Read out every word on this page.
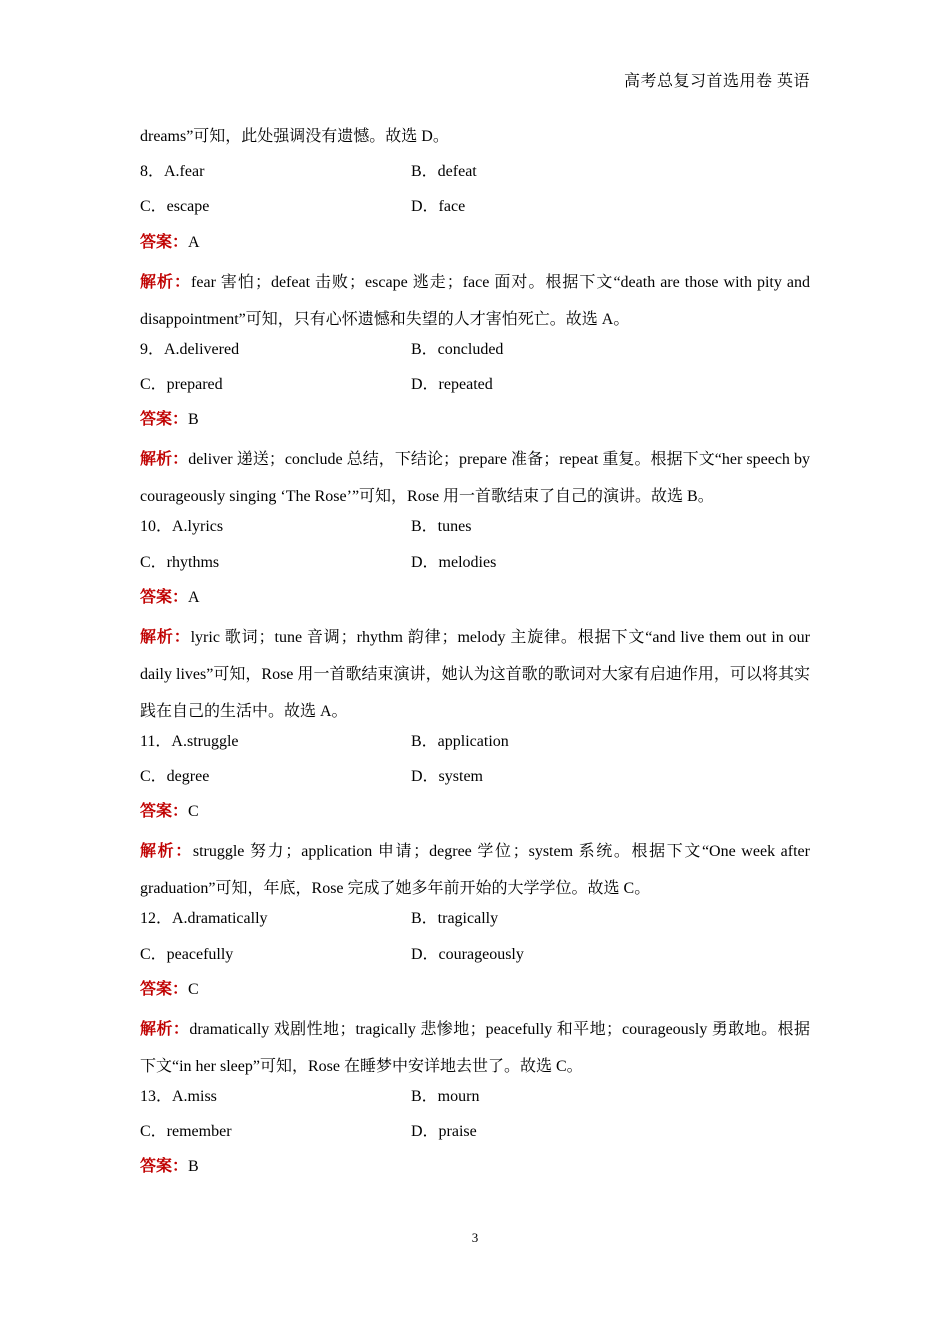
高考总复习首选用卷 英语
dreams”可知，此处强调没有遗憾。故选 D。
8．A.fear	B．defeat
C．escape	D．face
答案：A
解析：fear 害怕；defeat 击败；escape 逃走；face 面对。根据下文“death are those with pity and disappointment”可知，只有心怀遗憾和失望的人才害怕死亡。故选 A。
9．A.delivered	B．concluded
C．prepared	D．repeated
答案：B
解析：deliver 递送；conclude 总结，下结论；prepare 准备；repeat 重复。根据下文“her speech by courageously singing ‘The Rose’”可知，Rose 用一首歌结束了自己的演讲。故选 B。
10．A.lyrics	B．tunes
C．rhythms	D．melodies
答案：A
解析：lyric 歌词；tune 音调；rhythm 韵律；melody 主旋律。根据下文“and live them out in our daily lives”可知，Rose 用一首歌结束演讲，她认为这首歌的歌词对大家有启迪作用，可以将其实践在自己的生活中。故选 A。
11．A.struggle	B．application
C．degree	D．system
答案：C
解析：struggle 努力；application 申请；degree 学位；system 系统。根据下文“One week after graduation”可知，年底，Rose 完成了她多年前开始的大学学位。故选 C。
12．A.dramatically	B．tragically
C．peacefully	D．courageously
答案：C
解析：dramatically 戏剧性地；tragically 悲惨地；peacefully 和平地；courageously 勇敢地。根据下文“in her sleep”可知，Rose 在睡梦中安详地去世了。故选 C。
13．A.miss	B．mourn
C．remember	D．praise
答案：B
3
